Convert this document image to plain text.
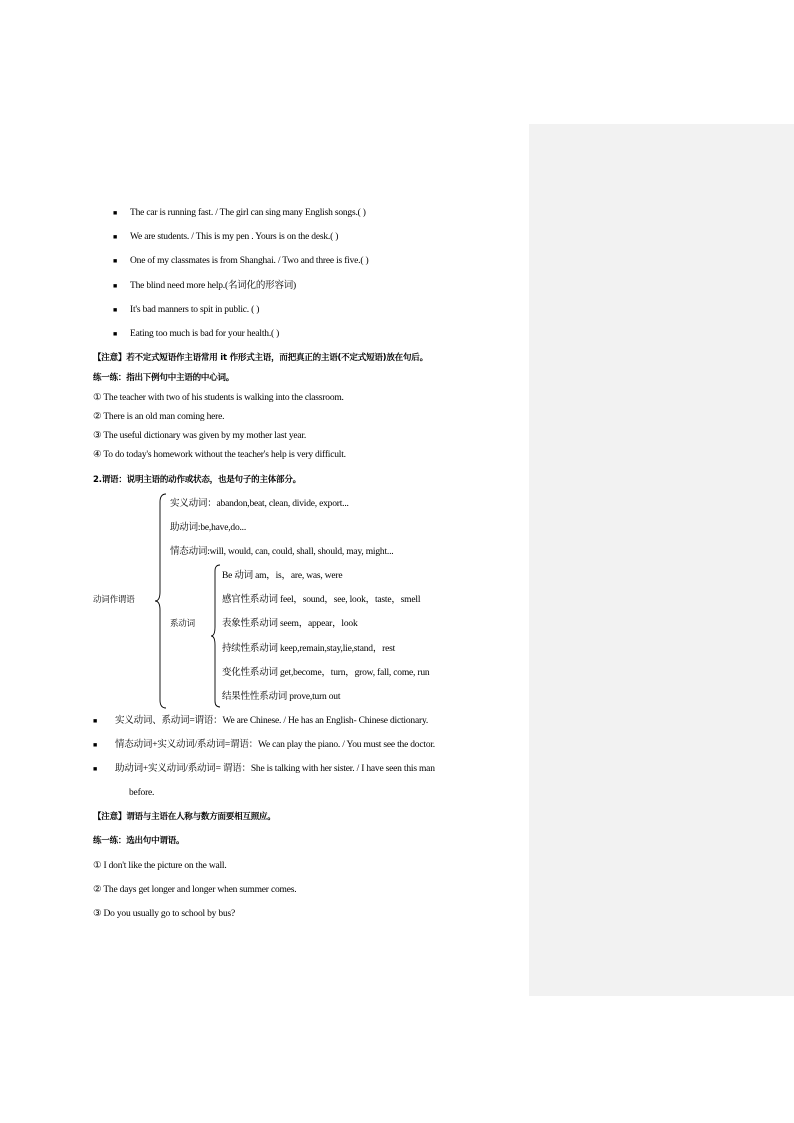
■ The car is running fast. / The girl can sing many English songs.( )
■ We are students. / This is my pen . Yours is on the desk.( )
■ One of my classmates is from Shanghai. / Two and three is five.( )
■ The blind need more help.(名词化的形容词)
■ It's bad manners to spit in public. ( )
■ Eating too much is bad for your health.( )
【注意】若不定式短语作主语常用 it 作形式主语，而把真正的主语(不定式短语)放在句后。
练一练：指出下例句中主语的中心词。
① The teacher with two of his students is walking into the classroom.
② There is an old man coming here.
③ The useful dictionary was given by my mother last year.
④ To do today's homework without the teacher's help is very difficult.
2.谓语：说明主语的动作或状态，也是句子的主体部分。
动词作谓语
实义动词：abandon,beat, clean, divide, export...
助动词:be,have,do...
情态动词:will, would, can, could, shall, should, may, might...
系动词
Be 动词 am，is，are, was, were
感官性系动词 feel，sound，see, look，taste，smell
表象性系动词 seem，appear，look
持续性系动词 keep,remain,stay,lie,stand，rest
变化性系动词 get,become，turn，grow, fall, come, run
结果性性系动词 prove,turn out
■ 实义动词、系动词=谓语：We are Chinese. / He has an English- Chinese dictionary.
■ 情态动词+实义动词/系动词=谓语：We can play the piano. / You must see the doctor.
■ 助动词+实义动词/系动词= 谓语：She is talking with her sister. / I have seen this man
before.
【注意】谓语与主语在人称与数方面要相互照应。
练一练：选出句中谓语。
① I don't like the picture on the wall.
② The days get longer and longer when summer comes.
③ Do you usually go to school by bus?
